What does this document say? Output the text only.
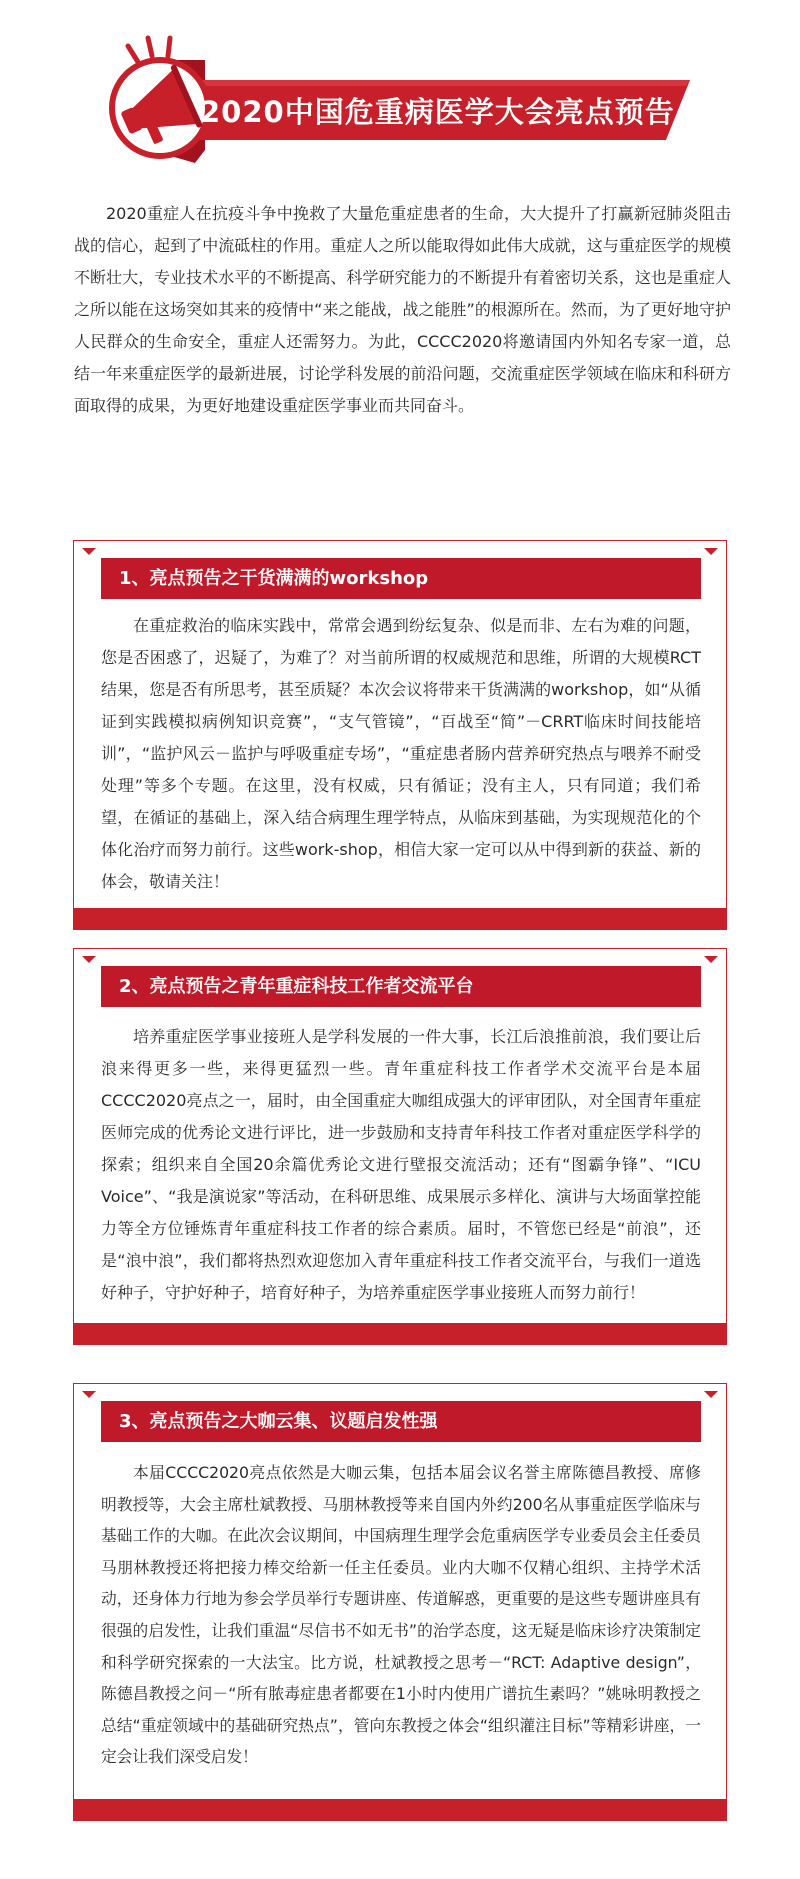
2020中国危重病医学大会亮点预告

2020重症人在抗疫斗争中挽救了大量危重症患者的生命，大大提升了打赢新冠肺炎阻击战的信心，起到了中流砥柱的作用。重症人之所以能取得如此伟大成就，这与重症医学的规模不断壮大，专业技术水平的不断提高、科学研究能力的不断提升有着密切关系，这也是重症人之所以能在这场突如其来的疫情中“来之能战，战之能胜”的根源所在。然而，为了更好地守护人民群众的生命安全，重症人还需努力。为此，CCCC2020将邀请国内外知名专家一道，总结一年来重症医学的最新进展，讨论学科发展的前沿问题，交流重症医学领域在临床和科研方面取得的成果，为更好地建设重症医学事业而共同奋斗。

1、亮点预告之干货满满的workshop

在重症救治的临床实践中，常常会遇到纷纭复杂、似是而非、左右为难的问题，您是否困惑了，迟疑了，为难了？对当前所谓的权威规范和思维，所谓的大规模RCT结果，您是否有所思考，甚至质疑？本次会议将带来干货满满的workshop，如“从循证到实践模拟病例知识竞赛”，“支气管镜”，“百战至“简”－CRRT临床时间技能培训”，“监护风云－监护与呼吸重症专场”，“重症患者肠内营养研究热点与喂养不耐受处理”等多个专题。在这里，没有权威，只有循证；没有主人，只有同道；我们希望，在循证的基础上，深入结合病理生理学特点，从临床到基础，为实现规范化的个体化治疗而努力前行。这些work-shop，相信大家一定可以从中得到新的获益、新的体会，敬请关注！

2、亮点预告之青年重症科技工作者交流平台

培养重症医学事业接班人是学科发展的一件大事，长江后浪推前浪，我们要让后浪来得更多一些，来得更猛烈一些。青年重症科技工作者学术交流平台是本届CCCC2020亮点之一，届时，由全国重症大咖组成强大的评审团队，对全国青年重症医师完成的优秀论文进行评比，进一步鼓励和支持青年科技工作者对重症医学科学的探索；组织来自全国20余篇优秀论文进行壁报交流活动；还有“图霸争锋”、“ICU Voice”、“我是演说家”等活动，在科研思维、成果展示多样化、演讲与大场面掌控能力等全方位锤炼青年重症科技工作者的综合素质。届时，不管您已经是“前浪”，还是“浪中浪”，我们都将热烈欢迎您加入青年重症科技工作者交流平台，与我们一道选好种子，守护好种子，培育好种子，为培养重症医学事业接班人而努力前行！

3、亮点预告之大咖云集、议题启发性强

本届CCCC2020亮点依然是大咖云集，包括本届会议名誉主席陈德昌教授、席修明教授等，大会主席杜斌教授、马朋林教授等来自国内外约200名从事重症医学临床与基础工作的大咖。在此次会议期间，中国病理生理学会危重病医学专业委员会主任委员马朋林教授还将把接力棒交给新一任主任委员。业内大咖不仅精心组织、主持学术活动，还身体力行地为参会学员举行专题讲座、传道解惑，更重要的是这些专题讲座具有很强的启发性，让我们重温“尽信书不如无书”的治学态度，这无疑是临床诊疗决策制定和科学研究探索的一大法宝。比方说，杜斌教授之思考－“RCT: Adaptive design”，陈德昌教授之问－“所有脓毒症患者都要在1小时内使用广谱抗生素吗？”姚咏明教授之总结“重症领域中的基础研究热点”，管向东教授之体会“组织灌注目标”等精彩讲座，一定会让我们深受启发！
